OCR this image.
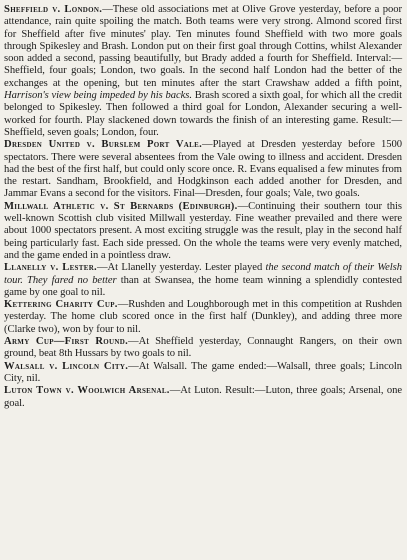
Sheffield v. London.—These old associations met at Olive Grove yesterday, before a poor attendance, rain quite spoiling the match. Both teams were very strong. Almond scored first for Sheffield after five minutes' play. Ten minutes found Sheffield with two more goals through Spikesley and Brash. London put on their first goal through Cottins, whilst Alexander soon added a second, passing beautifully, but Brady added a fourth for Sheffield. Interval:—Sheffield, four goals; London, two goals. In the second half London had the better of the exchanges at the opening, but ten minutes after the start Crawshaw added a fifth point, Harrison's view being impeded by his backs. Brash scored a sixth goal, for which all the credit belonged to Spikesley. Then followed a third goal for London, Alexander securing a well-worked for fourth. Play slackened down towards the finish of an interesting game. Result:—Sheffield, seven goals; London, four.

Dresden United v. Burslem Port Vale.—Played at Dresden yesterday before 1500 spectators. There were several absentees from the Vale owing to illness and accident. Dresden had the best of the first half, but could only score once. R. Evans equalised a few minutes from the restart. Sandham, Brookfield, and Hodgkinson each added another for Dresden, and Jammar Evans a second for the visitors. Final—Dresden, four goals; Vale, two goals.

Millwall Athletic v. St Bernards (Edinburgh).—Continuing their southern tour this well-known Scottish club visited Millwall yesterday. Fine weather prevailed and there were about 1000 spectators present. A most exciting struggle was the result, play in the second half being particularly fast. Each side pressed. On the whole the teams were very evenly matched, and the game ended in a pointless draw.

Llanelly v. Lester.—At Llanelly yesterday. Lester played the second match of their Welsh tour. They fared no better than at Swansea, the home team winning a splendidly contested game by one goal to nil.

Kettering Charity Cup.—Rushden and Loughborough met in this competition at Rushden yesterday. The home club scored once in the first half (Dunkley), and adding three more (Clarke two), won by four to nil.

Army Cup—First Round.—At Sheffield yesterday, Connaught Rangers, on their own ground, beat 8th Hussars by two goals to nil.

Walsall v. Lincoln City.—At Walsall. The game ended:—Walsall, three goals; Lincoln City, nil.

Luton Town v. Woolwich Arsenal.—At Luton. Result:—Luton, three goals; Arsenal, one goal.
